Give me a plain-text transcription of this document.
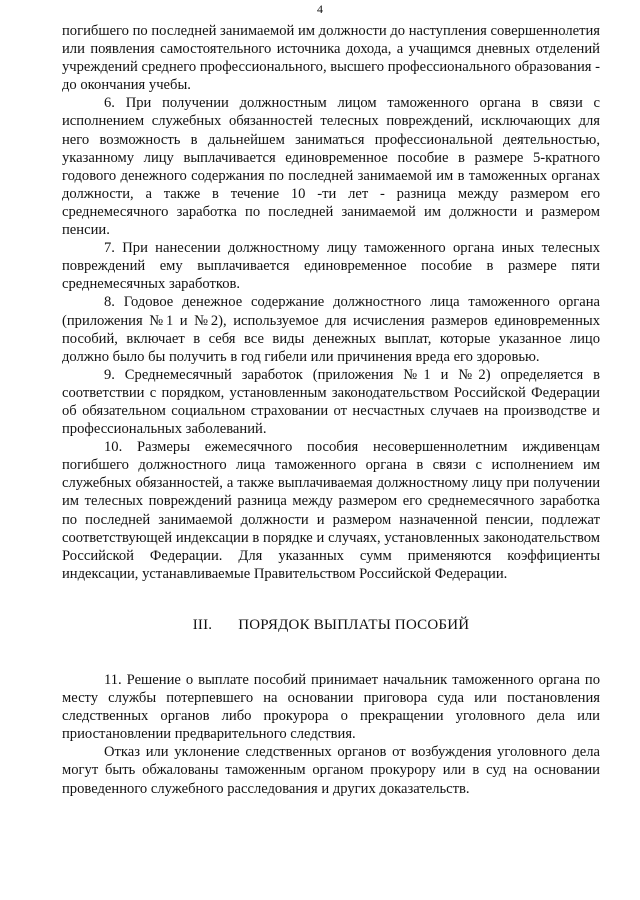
4

погибшего по последней занимаемой им должности до наступления совершеннолетия или появления самостоятельного источника дохода, а учащимся дневных отделений учреждений среднего профессионального, высшего профессионального образования - до окончания учебы.

6. При получении должностным лицом таможенного органа в связи с исполнением служебных обязанностей телесных повреждений, исключающих для него возможность в дальнейшем заниматься профессиональной деятельностью, указанному лицу выплачивается единовременное пособие в размере 5-кратного годового денежного содержания по последней занимаемой им в таможенных органах должности, а также в течение 10 -ти лет - разница между размером его среднемесячного заработка по последней занимаемой им должности и размером пенсии.

7. При нанесении должностному лицу таможенного органа иных телесных повреждений ему выплачивается единовременное пособие в размере пяти среднемесячных заработков.

8. Годовое денежное содержание должностного лица таможенного органа (приложения №1 и №2), используемое для исчисления размеров единовременных пособий, включает в себя все виды денежных выплат, которые указанное лицо должно было бы получить в год гибели или причинения вреда его здоровью.

9. Среднемесячный заработок (приложения №1 и №2) определяется в соответствии с порядком, установленным законодательством Российской Федерации об обязательном социальном страховании от несчастных случаев на производстве и профессиональных заболеваний.

10. Размеры ежемесячного пособия несовершеннолетним иждивенцам погибшего должностного лица таможенного органа в связи с исполнением им служебных обязанностей, а также выплачиваемая должностному лицу при получении им телесных повреждений разница между размером его среднемесячного заработка по последней занимаемой должности и размером назначенной пенсии, подлежат соответствующей индексации в порядке и случаях, установленных законодательством Российской Федерации. Для указанных сумм применяются коэффициенты индексации, устанавливаемые Правительством Российской Федерации.

III. ПОРЯДОК ВЫПЛАТЫ ПОСОБИЙ

11. Решение о выплате пособий принимает начальник таможенного органа по месту службы потерпевшего на основании приговора суда или постановления следственных органов либо прокурора о прекращении уголовного дела или приостановлении предварительного следствия.

Отказ или уклонение следственных органов от возбуждения уголовного дела могут быть обжалованы таможенным органом прокурору или в суд на основании проведенного служебного расследования и других доказательств.
